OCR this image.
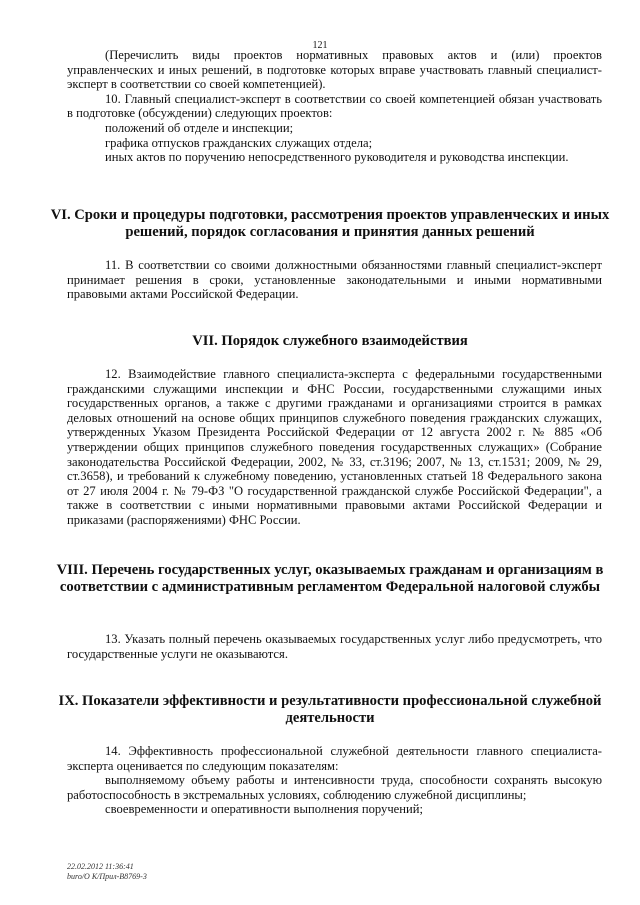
121

(Перечислить виды проектов нормативных правовых актов и (или) проектов управленческих и иных решений, в подготовке которых вправе участвовать главный специалист-эксперт в соответствии со своей компетенцией).

10. Главный специалист-эксперт в соответствии со своей компетенцией обязан участвовать в подготовке (обсуждении) следующих проектов:

положений об отделе и инспекции;

графика отпусков гражданских служащих отдела;

иных актов по поручению непосредственного руководителя и руководства инспекции.

VI. Сроки и процедуры подготовки, рассмотрения проектов управленческих и иных решений, порядок согласования и принятия данных решений

11. В соответствии со своими должностными обязанностями главный специалист-эксперт принимает решения в сроки, установленные законодательными и иными нормативными правовыми актами Российской Федерации.

VII. Порядок служебного взаимодействия

12. Взаимодействие главного специалиста-эксперта с федеральными государственными гражданскими служащими инспекции и ФНС России, государственными служащими иных государственных органов, а также с другими гражданами и организациями строится в рамках деловых отношений на основе общих принципов служебного поведения гражданских служащих, утвержденных Указом Президента Российской Федерации от 12 августа 2002 г. № 885 «Об утверждении общих принципов служебного поведения государственных служащих» (Собрание законодательства Российской Федерации, 2002, № 33, ст.3196; 2007, № 13, ст.1531; 2009, № 29, ст.3658), и требований к служебному поведению, установленных статьей 18 Федерального закона от 27 июля 2004 г. № 79-ФЗ "О государственной гражданской службе Российской Федерации", а также в соответствии с иными нормативными правовыми актами Российской Федерации и приказами (распоряжениями) ФНС России.

VIII. Перечень государственных услуг, оказываемых гражданам и организациям в соответствии с административным регламентом Федеральной налоговой службы

13. Указать полный перечень оказываемых государственных услуг либо предусмотреть, что государственные услуги не оказываются.

IX. Показатели эффективности и результативности профессиональной служебной деятельности

14. Эффективность профессиональной служебной деятельности главного специалиста-эксперта оценивается по следующим показателям:

выполняемому объему работы и интенсивности труда, способности сохранять высокую работоспособность в экстремальных условиях, соблюдению служебной дисциплины;

своевременности и оперативности выполнения поручений;

22.02.2012 11:36:41
buro/O К/Прил-В8769-3
